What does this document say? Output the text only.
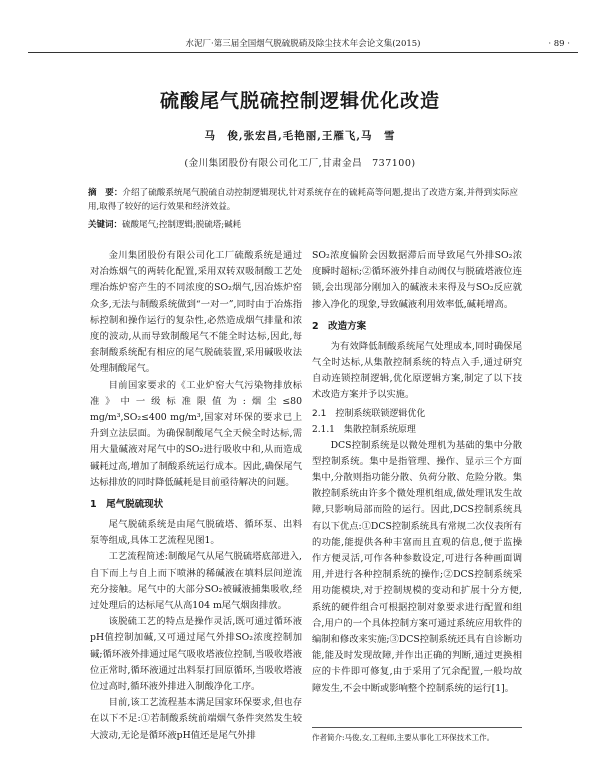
水泥厂·第三届全国烟气脱硫脱硝及除尘技术年会论文集(2015)	· 89 ·
硫酸尾气脱硫控制逻辑优化改造
马　俊,张宏昌,毛艳丽,王雁飞,马　雪
(金川集团股份有限公司化工厂,甘肃金昌　737100)
摘　要：介绍了硫酸系统尾气脱硫自动控制逻辑现状,针对系统存在的硫耗高等问题,提出了改造方案,并得到实际应用,取得了较好的运行效果和经济效益。
关键词：硫酸尾气;控制逻辑;脱硫塔;碱耗

金川集团股份有限公司化工厂硫酸系统是通过对冶炼烟气的两转化配置,采用双转双吸制酸工艺处理冶炼炉窑产生的不同浓度的SO₂烟气,因冶炼炉窑众多,无法与制酸系统做到“一对一”,同时由于冶炼指标控制和操作运行的复杂性,必然造成烟气排量和浓度的波动,从而导致制酸尾气不能全时达标,因此,每套制酸系统配有相应的尾气脱硫装置,采用碱吸收法处理制酸尾气。

目前国家要求的《工业炉窑大气污染物排放标准》中一级标准限值为:烟尘≤80 mg/m³,SO₂≤400 mg/m³,国家对环保的要求已上升到立法层面。为确保制酸尾气全天候全时达标,需用大量碱液对尾气中的SO₂进行吸收中和,从而造成碱耗过高,增加了制酸系统运行成本。因此,确保尾气达标排放的同时降低碱耗是目前亟待解决的问题。

1　尾气脱硫现状

尾气脱硫系统是由尾气脱硫塔、循环泵、出料泵等组成,具体工艺流程见图1。

工艺流程简述:制酸尾气从尾气脱硫塔底部进入,自下而上与自上而下喷淋的稀碱液在填料层间逆流充分接触。尾气中的大部分SO₂被碱液捕集吸收,经过处理后的达标尾气从高104 m尾气烟囱排放。

该脱硫工艺的特点是操作灵活,既可通过循环液pH值控制加碱,又可通过尾气外排SO₂浓度控制加碱;循环液外排通过尾气吸收塔液位控制,当吸收塔液位正常时,循环液通过出料泵打回原循环,当吸收塔液位过高时,循环液外排进入制酸净化工序。

目前,该工艺流程基本满足国家环保要求,但也存在以下不足:①若制酸系统前端烟气条件突然发生较大波动,无论是循环液pH值还是尾气外排

SO₂浓度偏阶会因数据滞后而导致尾气外排SO₂浓度瞬时超标;②循环液外排自动阀仅与脱硫塔液位连锁,会出现部分刚加入的碱液未来得及与SO₂反应就掺入净化的现象,导致碱液利用效率低,碱耗增高。

2　改造方案

为有效降低制酸系统尾气处理成本,同时确保尾气全时达标,从集散控制系统的特点入手,通过研究自动连锁控制逻辑,优化原逻辑方案,制定了以下技术改造方案并予以实施。

2.1　控制系统联锁逻辑优化
2.1.1　集散控制系统原理

DCS控制系统是以微处理机为基础的集中分散型控制系统。集中是指管理、操作、显示三个方面集中,分散则指功能分散、负荷分散、危险分散。集散控制系统由许多个微处理机组成,做处理讯发生故障,只影响局部而险的运行。因此,DCS控制系统具有以下优点:①DCS控制系统具有常规二次仪表所有的功能,能提供各种丰富而且直观的信息,便于监操作方便灵活,可作各种参数设定,可进行各种画面调用,并进行各种控制系统的操作;②DCS控制系统采用功能模块,对于控制规模的变动和扩展十分方便,系统的硬件组合可根据控制对象要求进行配置和组合,用户的一个具体控制方案可通过系统应用软件的编制和修改来实施;③DCS控制系统还具有自诊断功能,能及时发现故障,并作出正确的判断,通过更换相应的卡件即可修复,由于采用了冗余配置,一般均故障发生,不会中断或影响整个控制系统的运行[1]。

作者简介:马俊,女,工程师,主要从事化工环保技术工作。
